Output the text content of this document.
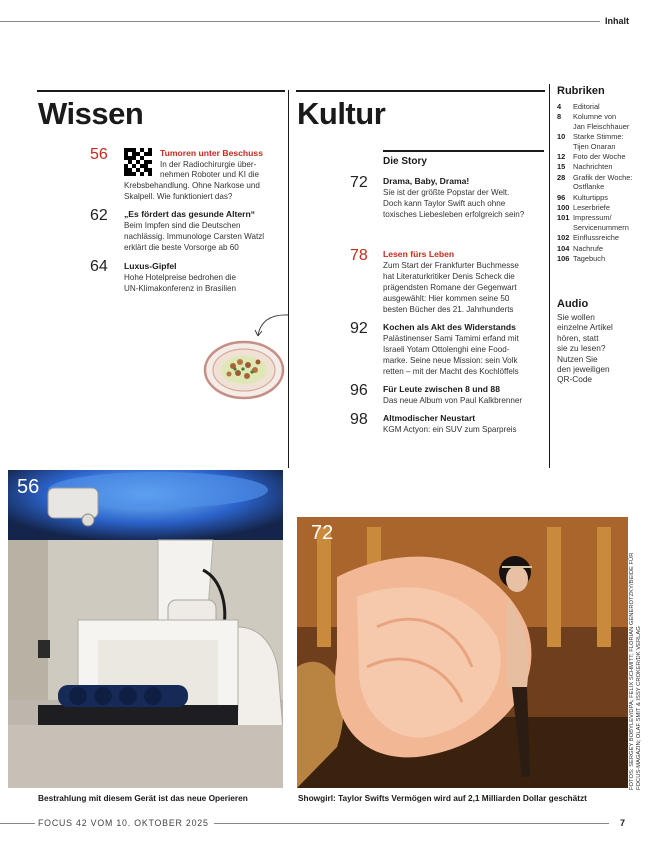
Inhalt
Wissen
56	Tumoren unter Beschuss
In der Radiochirurgie über-
nehmen Roboter und KI die
Krebsbehandlung. Ohne Narkose und
Skalpell. Wie funktioniert das?
62	„Es fördert das gesunde Altern“
Beim Impfen sind die Deutschen
nachlässig. Immunologe Carsten Watzl
erklärt die beste Vorsorge ab 60
64	Luxus-Gipfel
Hohe Hotelpreise bedrohen die
UN-Klimakonferenz in Brasilien
Kultur
Die Story
72	Drama, Baby, Drama!
Sie ist der größte Popstar der Welt.
Doch kann Taylor Swift auch ohne
toxisches Liebesleben erfolgreich sein?
78	Lesen fürs Leben
Zum Start der Frankfurter Buchmesse
hat Literaturkritiker Denis Scheck die
prägendsten Romane der Gegenwart
ausgewählt: Hier kommen seine 50
besten Bücher des 21. Jahrhunderts
92	Kochen als Akt des Widerstands
Palästinenser Sami Tamimi erfand mit
Israeli Yotam Ottolenghi eine Food-
marke. Seine neue Mission: sein Volk
retten – mit der Macht des Kochlöffels
96	Für Leute zwischen 8 und 88
Das neue Album von Paul Kalkbrenner
98	Altmodischer Neustart
KGM Actyon: ein SUV zum Sparpreis
Rubriken
4	Editorial
8	Kolumne von
Jan Fleischhauer
10	Starke Stimme:
Tijen Onaran
12	Foto der Woche
15	Nachrichten
28	Grafik der Woche:
Ostflanke
96	Kulturtipps
100 Leserbriefe
101 Impressum/
Servicenummern
102 Einflussreiche
104 Nachrufe
106 Tagebuch
Audio
Sie wollen
einzelne Artikel
hören, statt
sie zu lesen?
Nutzen Sie
den jeweiligen
QR-Code
56
Bestrahlung mit diesem Gerät ist das neue Operieren
72
Showgirl: Taylor Swifts Vermögen wird auf 2,1 Milliarden Dollar geschätzt
FOTOS: SERGEY BOBYLEV/DPA; FELIX SCHMITT; FLORIAN GENEROTZKY/BEIDE FÜR FOCUS-MAGAZIN; OLAF SMIT & ISSY CROKER/DK VERLAG
FOCUS 42 VOM 10. OKTOBER 2025	7
